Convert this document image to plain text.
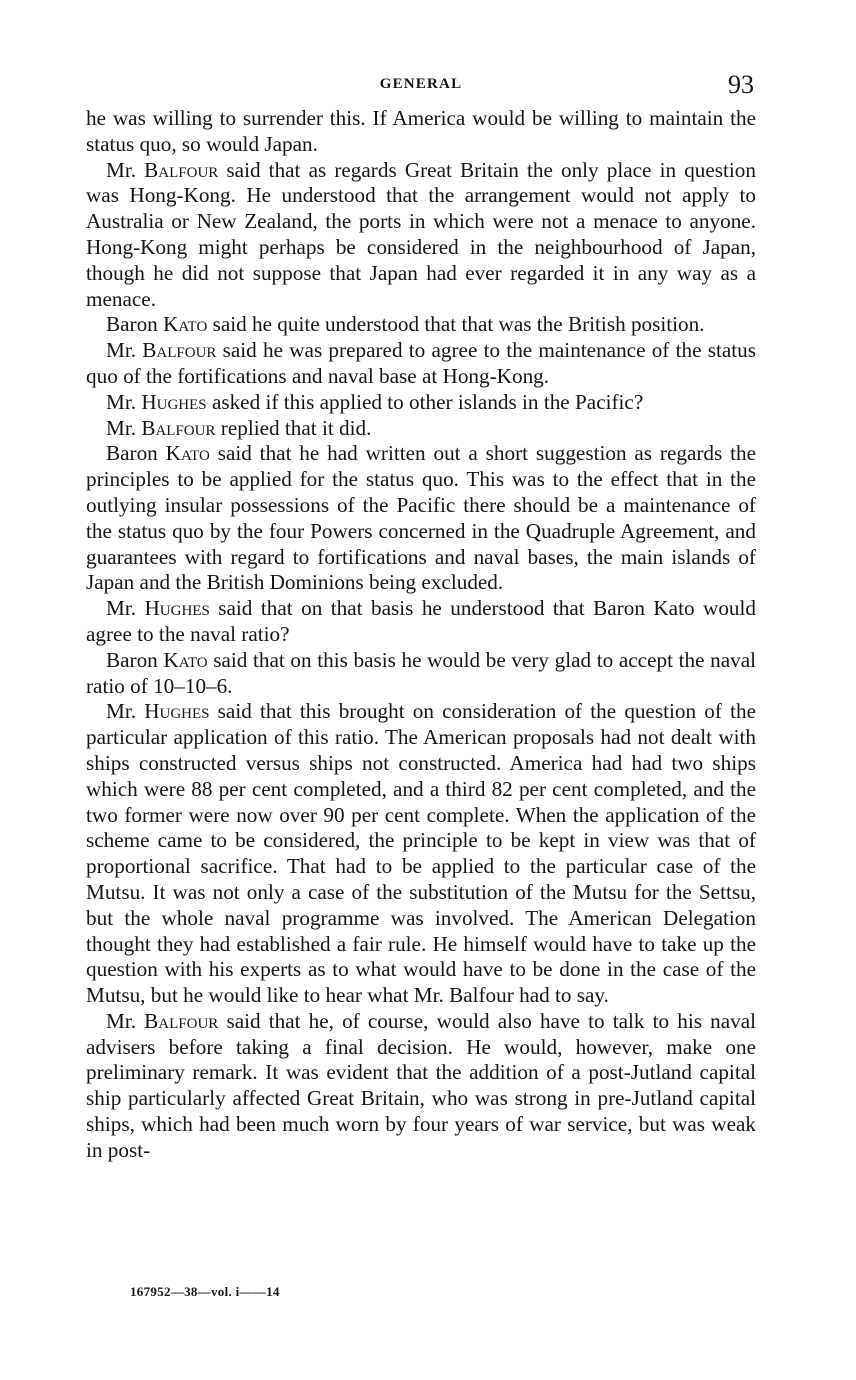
GENERAL	93

he was willing to surrender this. If America would be willing to maintain the status quo, so would Japan.

Mr. Balfour said that as regards Great Britain the only place in question was Hong-Kong. He understood that the arrangement would not apply to Australia or New Zealand, the ports in which were not a menace to anyone. Hong-Kong might perhaps be considered in the neighbourhood of Japan, though he did not suppose that Japan had ever regarded it in any way as a menace.

Baron Kato said he quite understood that that was the British position.

Mr. Balfour said he was prepared to agree to the maintenance of the status quo of the fortifications and naval base at Hong-Kong.

Mr. Hughes asked if this applied to other islands in the Pacific?

Mr. Balfour replied that it did.

Baron Kato said that he had written out a short suggestion as regards the principles to be applied for the status quo. This was to the effect that in the outlying insular possessions of the Pacific there should be a maintenance of the status quo by the four Powers concerned in the Quadruple Agreement, and guarantees with regard to fortifications and naval bases, the main islands of Japan and the British Dominions being excluded.

Mr. Hughes said that on that basis he understood that Baron Kato would agree to the naval ratio?

Baron Kato said that on this basis he would be very glad to accept the naval ratio of 10–10–6.

Mr. Hughes said that this brought on consideration of the question of the particular application of this ratio. The American proposals had not dealt with ships constructed versus ships not constructed. America had had two ships which were 88 per cent completed, and a third 82 per cent completed, and the two former were now over 90 per cent complete. When the application of the scheme came to be considered, the principle to be kept in view was that of proportional sacrifice. That had to be applied to the particular case of the Mutsu. It was not only a case of the substitution of the Mutsu for the Settsu, but the whole naval programme was involved. The American Delegation thought they had established a fair rule. He himself would have to take up the question with his experts as to what would have to be done in the case of the Mutsu, but he would like to hear what Mr. Balfour had to say.

Mr. Balfour said that he, of course, would also have to talk to his naval advisers before taking a final decision. He would, however, make one preliminary remark. It was evident that the addition of a post-Jutland capital ship particularly affected Great Britain, who was strong in pre-Jutland capital ships, which had been much worn by four years of war service, but was weak in post-

167952—38—vol. i——14
